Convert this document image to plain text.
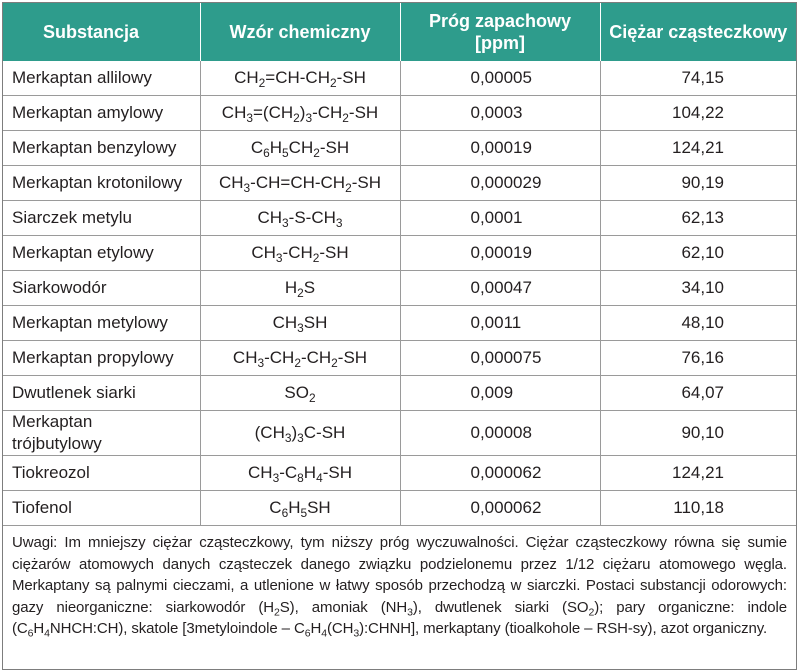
Substancja	Wzór chemiczny	Próg zapachowy [ppm]	Ciężar cząsteczkowy
Merkaptan allilowy	$CH_2=CH-CH_2-SH$	0,00005	74,15
Merkaptan amylowy	$CH_3=(CH_2)_3-CH_2-SH$	0,0003	104,22
Merkaptan benzylowy	$C_6H_5CH_2-SH$	0,00019	124,21
Merkaptan krotonilowy	$CH_3-CH=CH-CH_2-SH$	0,000029	90,19
Siarczek metylu	$CH_3-S-CH_3$	0,0001	62,13
Merkaptan etylowy	$CH_3-CH_2-SH$	0,00019	62,10
Siarkowodór	$H_2S$	0,00047	34,10
Merkaptan metylowy	$CH_3SH$	0,0011	48,10
Merkaptan propylowy	$CH_3-CH_2-CH_2-SH$	0,000075	76,16
Dwutlenek siarki	$SO_2$	0,009	64,07
Merkaptan
trójbutylowy	$(CH_3)_3C-SH$	0,00008	90,10
Tiokreozol	$CH_3-C_8H_4-SH$	0,000062	124,21
Tiofenol	$C_6H_5SH$	0,000062	110,18
Uwagi: Im mniejszy ciężar cząsteczkowy, tym niższy próg wyczuwalności. Ciężar cząsteczkowy równa się sumie ciężarów atomowych danych cząsteczek danego związku podzielonemu przez 1/12 ciężaru atomowego węgla. Merkaptany są palnymi cieczami, a utlenione w łatwy sposób przechodzą w siarczki. Postaci substancji odorowych: gazy nieorganiczne: siarkowodór $(H_2S)$, amoniak $(NH_3)$, dwutlenek siarki $(SO_2)$; pary organiczne: indole $(C_6H_4NHCH:CH)$, skatole [3metyloindole – $C_6H_4(CH_3):CHNH$], merkaptany (tioalkohole – RSH-sy), azot organiczny.
